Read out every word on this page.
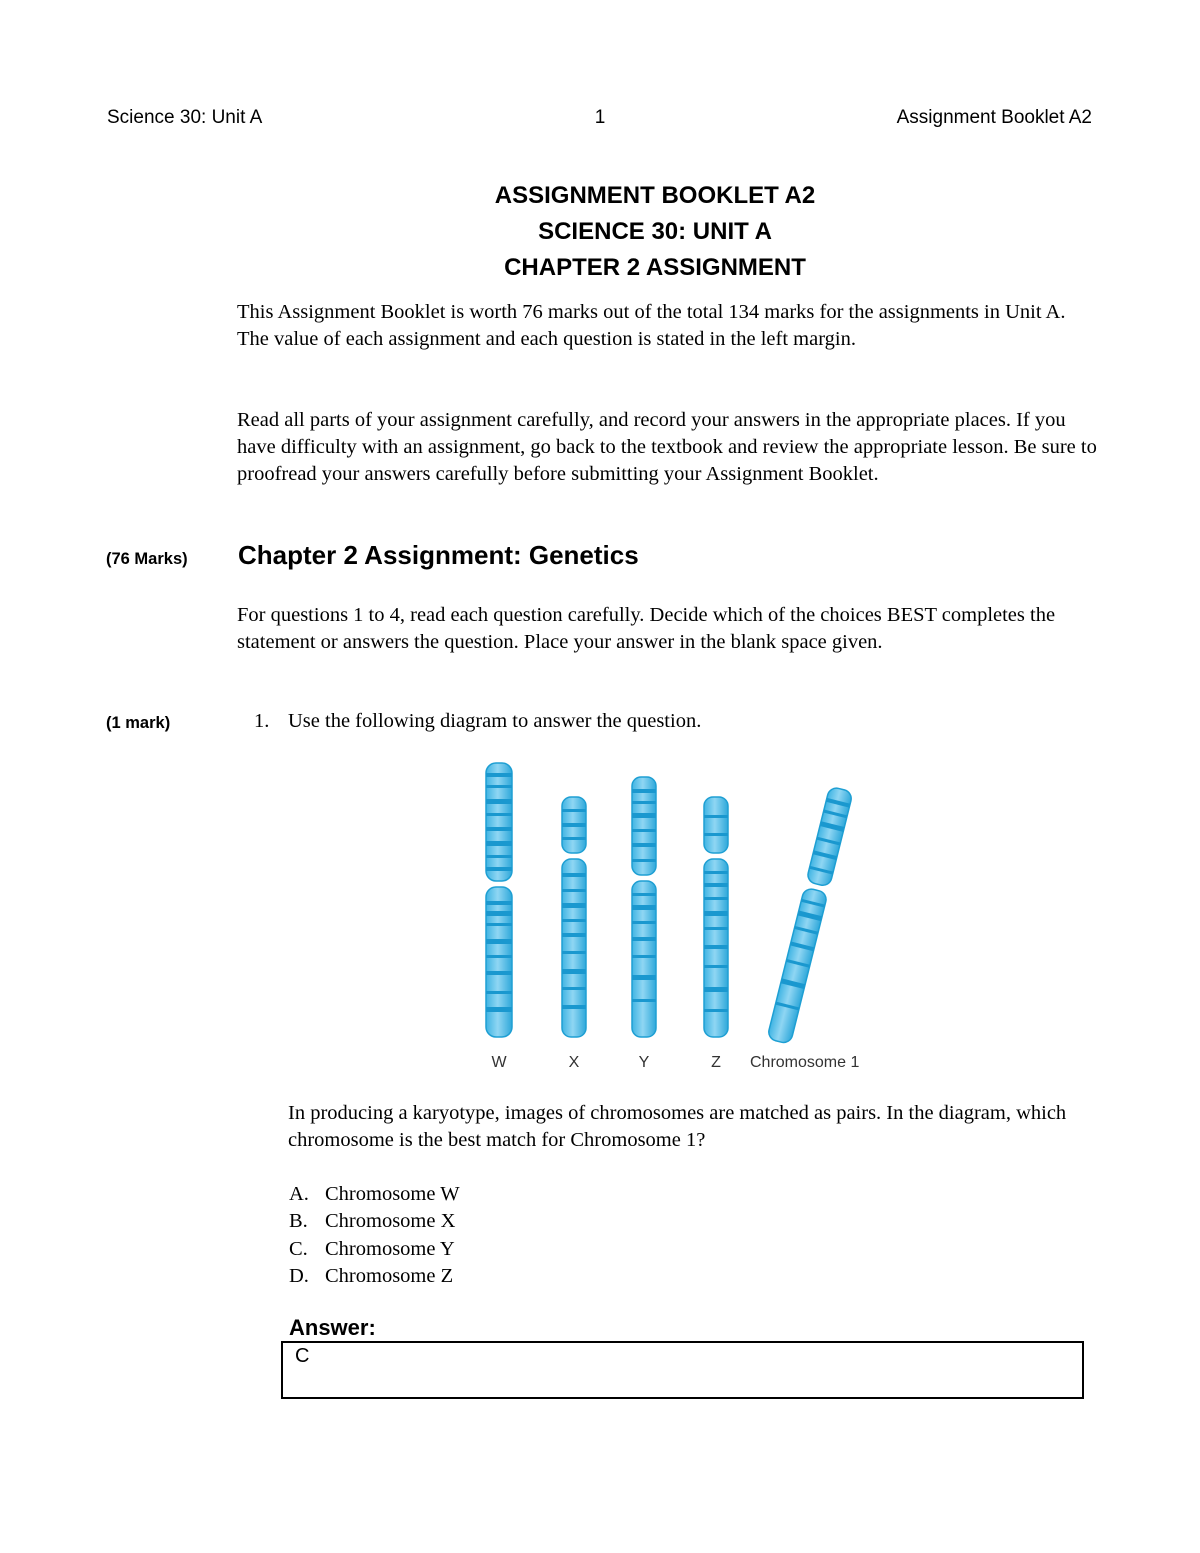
Science 30: Unit A	1	Assignment Booklet A2
ASSIGNMENT BOOKLET A2
SCIENCE 30: UNIT A
CHAPTER 2 ASSIGNMENT
This Assignment Booklet is worth 76 marks out of the total 134 marks for the assignments in Unit A. The value of each assignment and each question is stated in the left margin.
Read all parts of your assignment carefully, and record your answers in the appropriate places. If you have difficulty with an assignment, go back to the textbook and review the appropriate lesson. Be sure to proofread your answers carefully before submitting your Assignment Booklet.
(76 Marks) Chapter 2 Assignment: Genetics
For questions 1 to 4, read each question carefully. Decide which of the choices BEST completes the statement or answers the question. Place your answer in the blank space given.
(1 mark)	1. Use the following diagram to answer the question.
W	X	Y	Z Chromosome 1
In producing a karyotype, images of chromosomes are matched as pairs. In the diagram, which chromosome is the best match for Chromosome 1?
A. Chromosome W
B. Chromosome X
C. Chromosome Y
D. Chromosome Z
Answer:
C
